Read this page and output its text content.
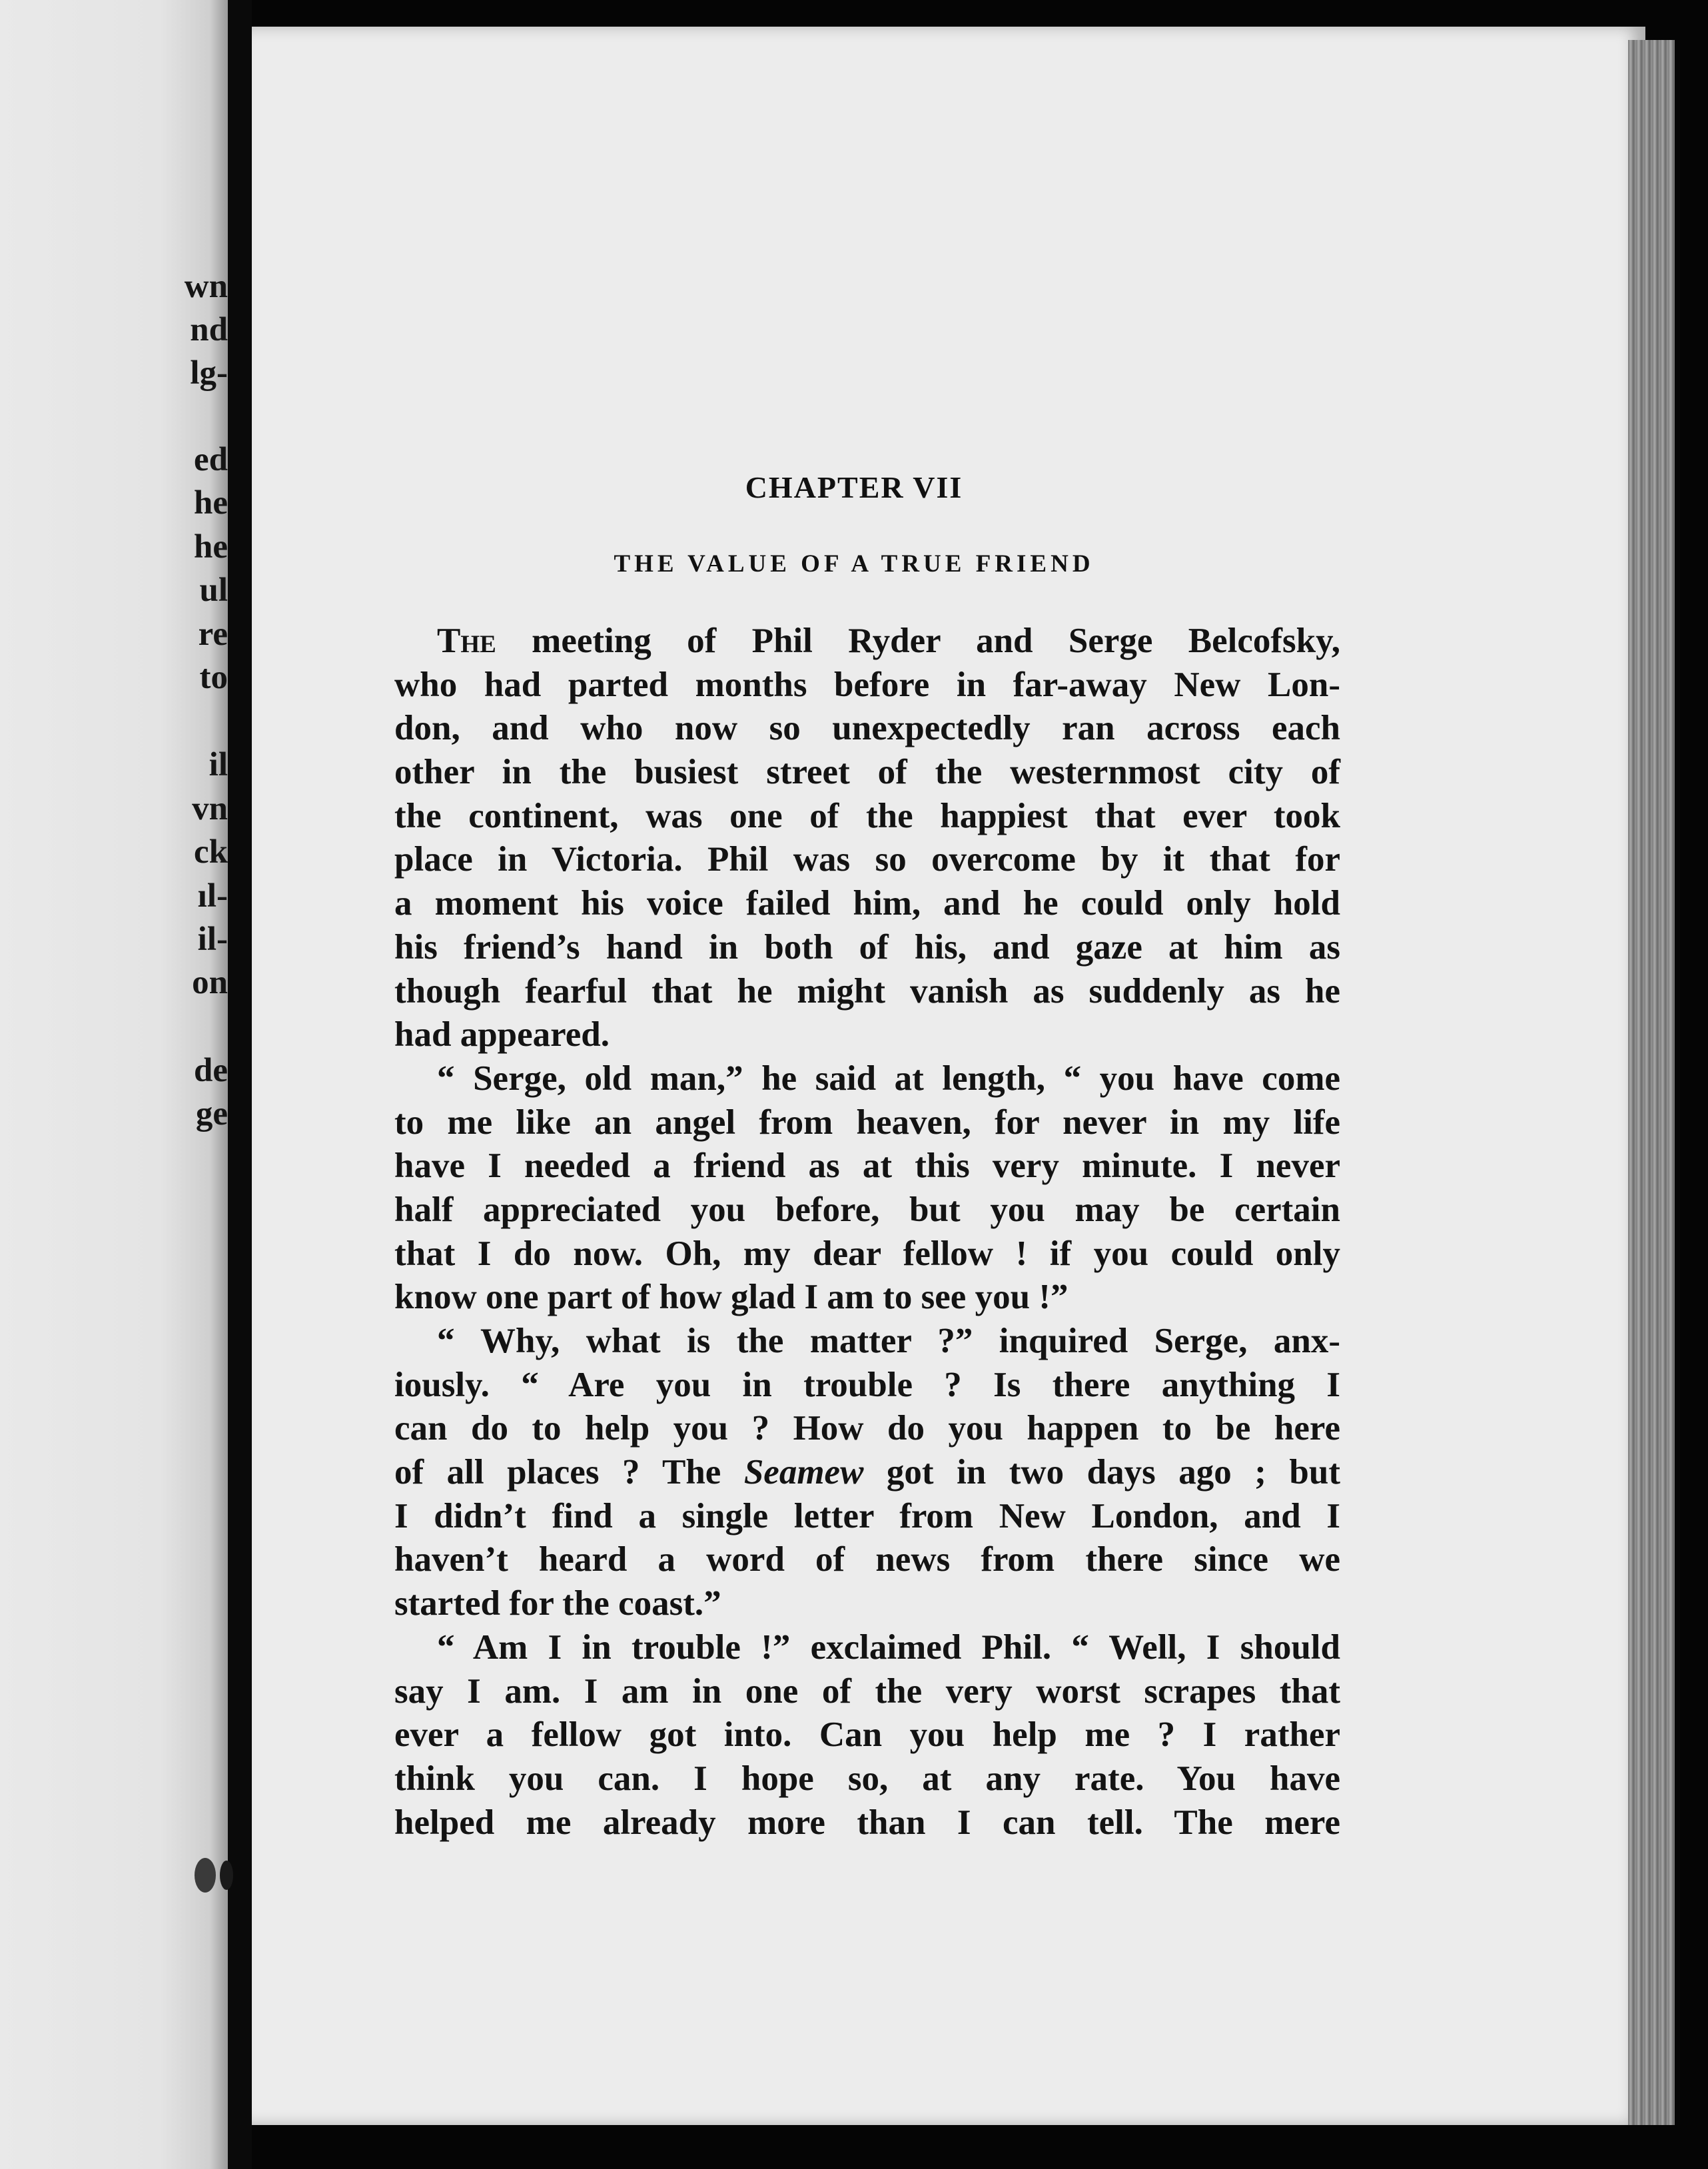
wn
nd
lg-
ed
he
he
ul
re
to
il
vn
ck
ıl-
il-
on
de
ge
CHAPTER VII
THE VALUE OF A TRUE FRIEND
The meeting of Phil Ryder and Serge Belcofsky,
who had parted months before in far-away New Lon-
don, and who now so unexpectedly ran across each
other in the busiest street of the westernmost city of
the continent, was one of the happiest that ever took
place in Victoria. Phil was so overcome by it that for
a moment his voice failed him, and he could only hold
his friend’s hand in both of his, and gaze at him as
though fearful that he might vanish as suddenly as he
had appeared.
“ Serge, old man,” he said at length, “ you have come
to me like an angel from heaven, for never in my life
have I needed a friend as at this very minute. I never
half appreciated you before, but you may be certain
that I do now. Oh, my dear fellow ! if you could only
know one part of how glad I am to see you !”
“ Why, what is the matter ?” inquired Serge, anx-
iously. “ Are you in trouble ? Is there anything I
can do to help you ? How do you happen to be here
of all places ? The Seamew got in two days ago ; but
I didn’t find a single letter from New London, and I
haven’t heard a word of news from there since we
started for the coast.”
“ Am I in trouble !” exclaimed Phil. “ Well, I should
say I am. I am in one of the very worst scrapes that
ever a fellow got into. Can you help me ? I rather
think you can. I hope so, at any rate. You have
helped me already more than I can tell. The mere
